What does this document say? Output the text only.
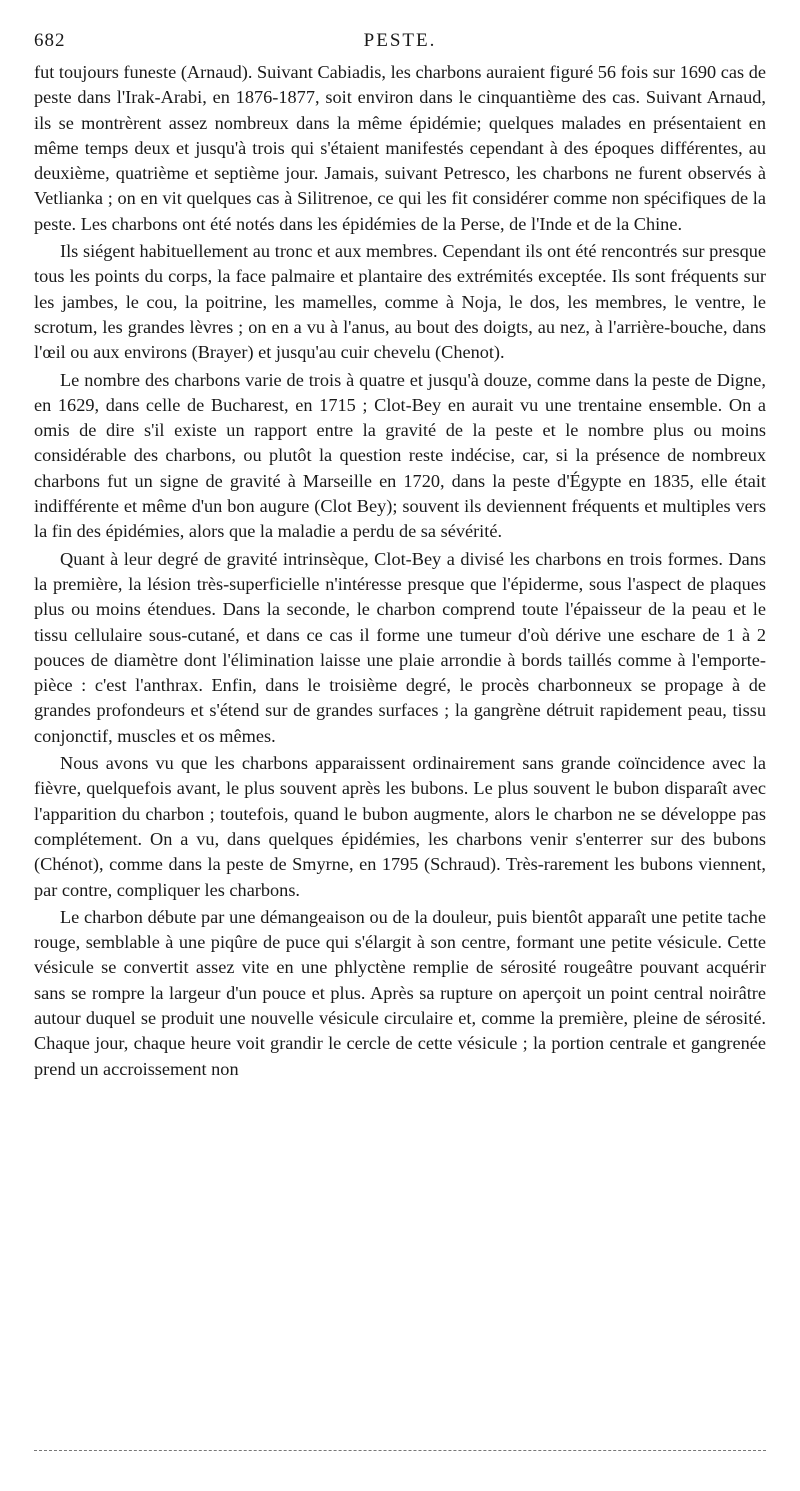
682	PESTE.

fut toujours funeste (Arnaud). Suivant Cabiadis, les charbons auraient figuré 56 fois sur 1690 cas de peste dans l'Irak-Arabi, en 1876-1877, soit environ dans le cinquantième des cas. Suivant Arnaud, ils se montrèrent assez nombreux dans la même épidémie; quelques malades en présentaient en même temps deux et jusqu'à trois qui s'étaient manifestés cependant à des époques différentes, au deuxième, quatrième et septième jour. Jamais, suivant Petresco, les charbons ne furent observés à Vetlianka ; on en vit quelques cas à Silitrenoe, ce qui les fit considérer comme non spécifiques de la peste. Les charbons ont été notés dans les épidémies de la Perse, de l'Inde et de la Chine.

Ils siégent habituellement au tronc et aux membres. Cependant ils ont été rencontrés sur presque tous les points du corps, la face palmaire et plantaire des extrémités exceptée. Ils sont fréquents sur les jambes, le cou, la poitrine, les mamelles, comme à Noja, le dos, les membres, le ventre, le scrotum, les grandes lèvres ; on en a vu à l'anus, au bout des doigts, au nez, à l'arrière-bouche, dans l'œil ou aux environs (Brayer) et jusqu'au cuir chevelu (Chenot).

Le nombre des charbons varie de trois à quatre et jusqu'à douze, comme dans la peste de Digne, en 1629, dans celle de Bucharest, en 1715 ; Clot-Bey en aurait vu une trentaine ensemble. On a omis de dire s'il existe un rapport entre la gravité de la peste et le nombre plus ou moins considérable des charbons, ou plutôt la question reste indécise, car, si la présence de nombreux charbons fut un signe de gravité à Marseille en 1720, dans la peste d'Égypte en 1835, elle était indifférente et même d'un bon augure (Clot Bey); souvent ils deviennent fréquents et multiples vers la fin des épidémies, alors que la maladie a perdu de sa sévérité.

Quant à leur degré de gravité intrinsèque, Clot-Bey a divisé les charbons en trois formes. Dans la première, la lésion très-superficielle n'intéresse presque que l'épiderme, sous l'aspect de plaques plus ou moins étendues. Dans la seconde, le charbon comprend toute l'épaisseur de la peau et le tissu cellulaire sous-cutané, et dans ce cas il forme une tumeur d'où dérive une eschare de 1 à 2 pouces de diamètre dont l'élimination laisse une plaie arrondie à bords taillés comme à l'emporte-pièce : c'est l'anthrax. Enfin, dans le troisième degré, le procès charbonneux se propage à de grandes profondeurs et s'étend sur de grandes surfaces ; la gangrène détruit rapidement peau, tissu conjonctif, muscles et os mêmes.

Nous avons vu que les charbons apparaissent ordinairement sans grande coïncidence avec la fièvre, quelquefois avant, le plus souvent après les bubons. Le plus souvent le bubon disparaît avec l'apparition du charbon ; toutefois, quand le bubon augmente, alors le charbon ne se développe pas complétement. On a vu, dans quelques épidémies, les charbons venir s'enterrer sur des bubons (Chénot), comme dans la peste de Smyrne, en 1795 (Schraud). Très-rarement les bubons viennent, par contre, compliquer les charbons.

Le charbon débute par une démangeaison ou de la douleur, puis bientôt apparaît une petite tache rouge, semblable à une piqûre de puce qui s'élargit à son centre, formant une petite vésicule. Cette vésicule se convertit assez vite en une phlyctène remplie de sérosité rougeâtre pouvant acquérir sans se rompre la largeur d'un pouce et plus. Après sa rupture on aperçoit un point central noirâtre autour duquel se produit une nouvelle vésicule circulaire et, comme la première, pleine de sérosité. Chaque jour, chaque heure voit grandir le cercle de cette vésicule ; la portion centrale et gangrenée prend un accroissement non
